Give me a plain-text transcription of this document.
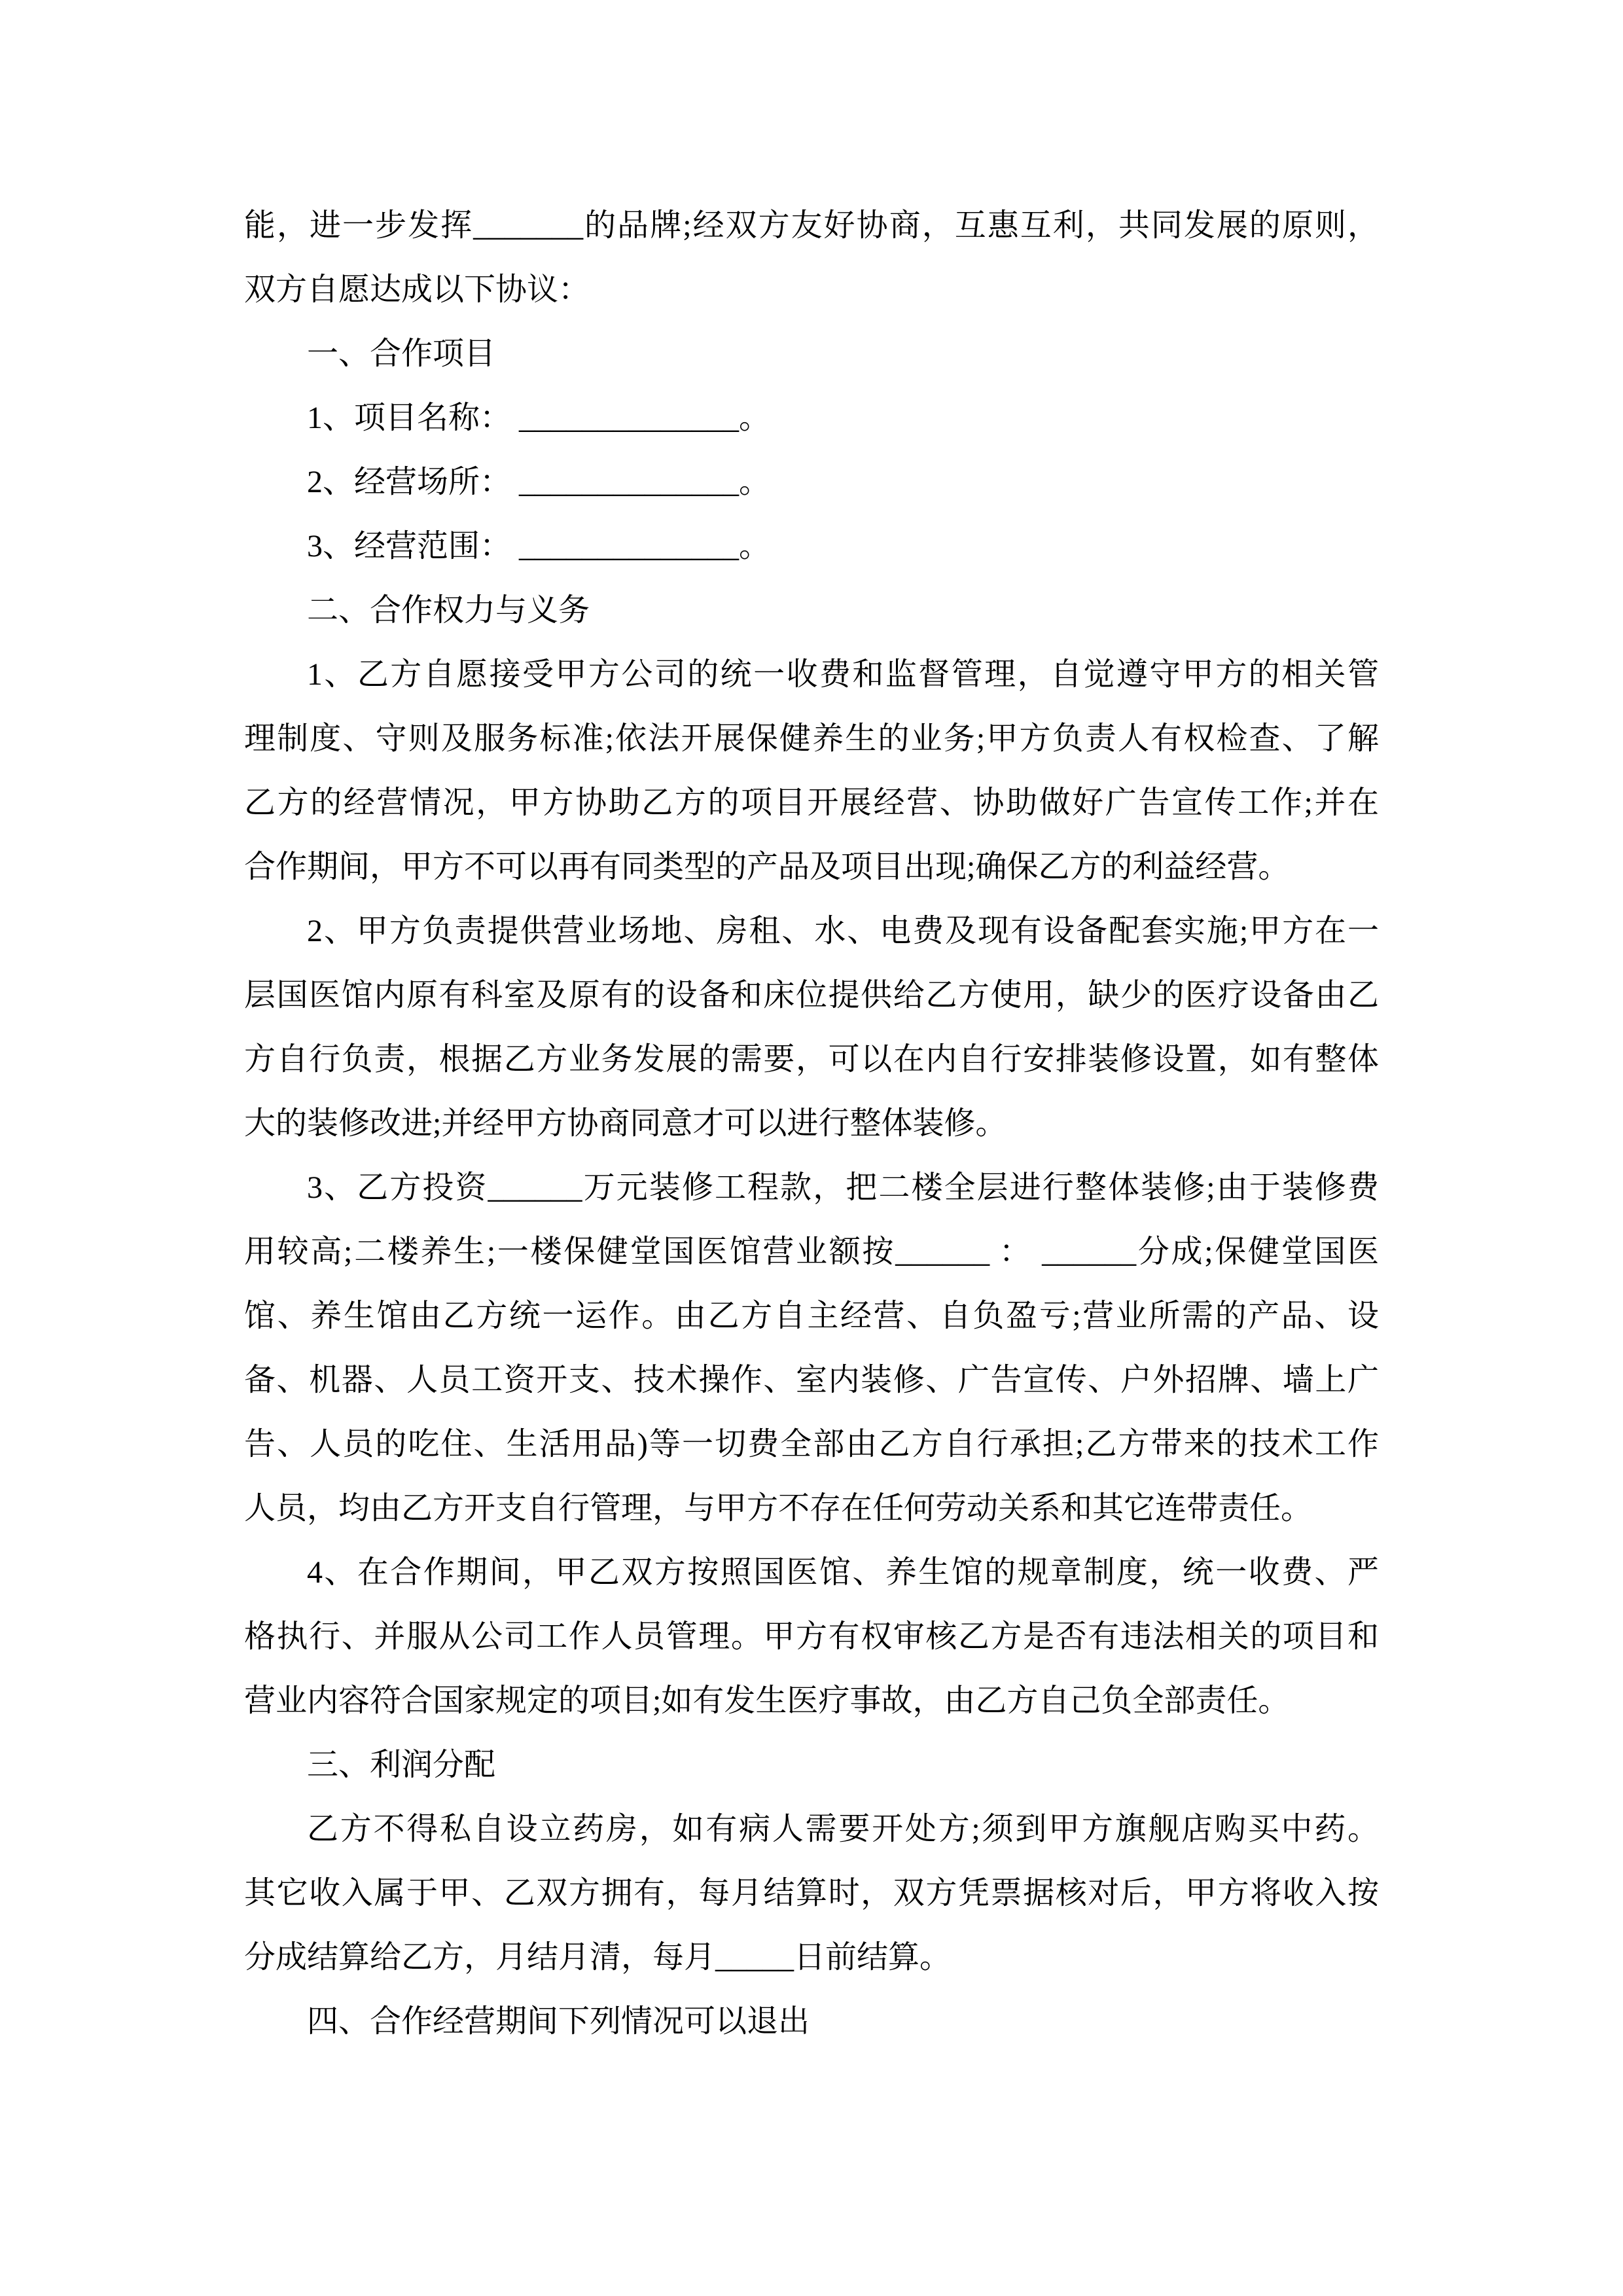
能，进一步发挥_______的品牌;经双方友好协商，互惠互利，共同发展的原则，
双方自愿达成以下协议：
一、合作项目
1、项目名称： ______________。
2、经营场所： ______________。
3、经营范围： ______________。
二、合作权力与义务
1、乙方自愿接受甲方公司的统一收费和监督管理，自觉遵守甲方的相关管
理制度、守则及服务标准;依法开展保健养生的业务;甲方负责人有权检查、了解
乙方的经营情况，甲方协助乙方的项目开展经营、协助做好广告宣传工作;并在
合作期间，甲方不可以再有同类型的产品及项目出现;确保乙方的利益经营。
2、甲方负责提供营业场地、房租、水、电费及现有设备配套实施;甲方在一
层国医馆内原有科室及原有的设备和床位提供给乙方使用，缺少的医疗设备由乙
方自行负责，根据乙方业务发展的需要，可以在内自行安排装修设置，如有整体
大的装修改进;并经甲方协商同意才可以进行整体装修。
3、乙方投资______万元装修工程款，把二楼全层进行整体装修;由于装修费
用较高;二楼养生;一楼保健堂国医馆营业额按______ ： ______分成;保健堂国医
馆、养生馆由乙方统一运作。由乙方自主经营、自负盈亏;营业所需的产品、设
备、机器、人员工资开支、技术操作、室内装修、广告宣传、户外招牌、墙上广
告、人员的吃住、生活用品)等一切费全部由乙方自行承担;乙方带来的技术工作
人员，均由乙方开支自行管理，与甲方不存在任何劳动关系和其它连带责任。
4、在合作期间，甲乙双方按照国医馆、养生馆的规章制度，统一收费、严
格执行、并服从公司工作人员管理。甲方有权审核乙方是否有违法相关的项目和
营业内容符合国家规定的项目;如有发生医疗事故，由乙方自己负全部责任。
三、利润分配
乙方不得私自设立药房，如有病人需要开处方;须到甲方旗舰店购买中药。
其它收入属于甲、乙双方拥有，每月结算时，双方凭票据核对后，甲方将收入按
分成结算给乙方，月结月清，每月_____日前结算。
四、合作经营期间下列情况可以退出
